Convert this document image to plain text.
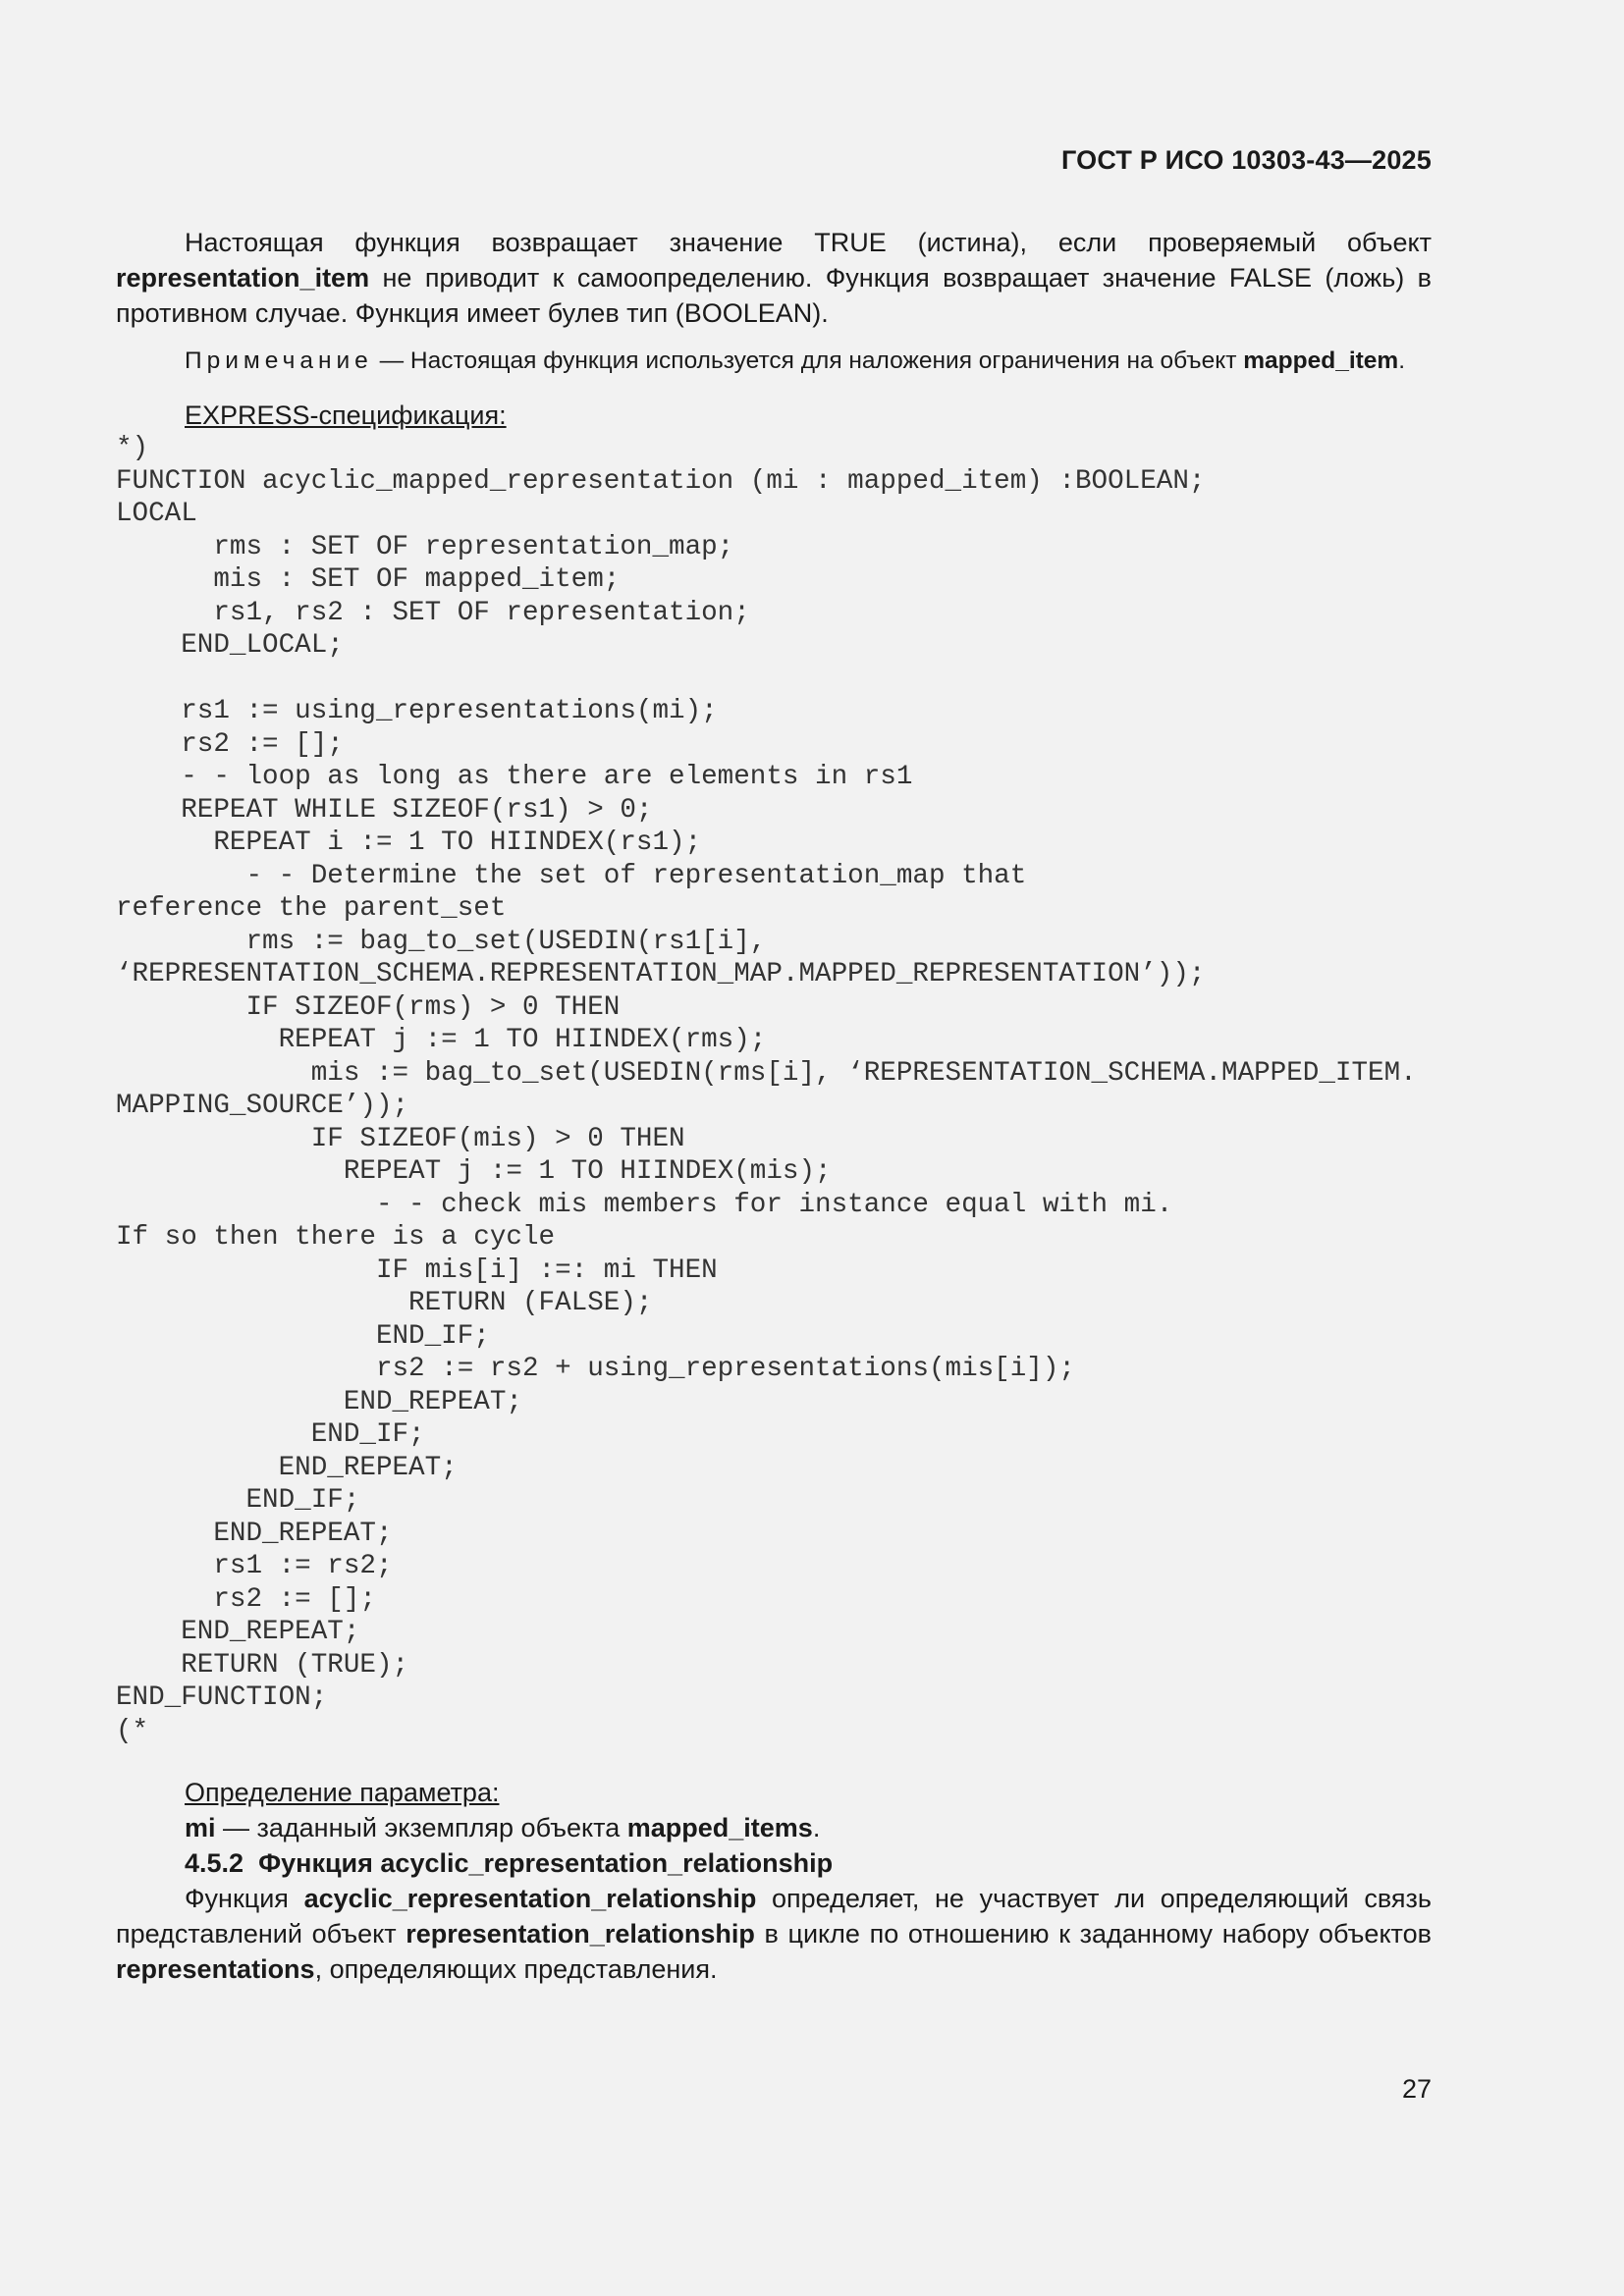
ГОСТ Р ИСО 10303-43—2025
Настоящая функция возвращает значение TRUE (истина), если проверяемый объект representation_item не приводит к самоопределению. Функция возвращает значение FALSE (ложь) в противном случае. Функция имеет булев тип (BOOLEAN).
Примечание — Настоящая функция используется для наложения ограничения на объект mapped_item.
EXPRESS-спецификация:
*)
FUNCTION acyclic_mapped_representation (mi : mapped_item) :BOOLEAN;
LOCAL
rms : SET OF representation_map;
mis : SET OF mapped_item;
rs1, rs2 : SET OF representation;
END_LOCAL;

rs1 := using_representations(mi);
rs2 := [];
- - loop as long as there are elements in rs1
REPEAT WHILE SIZEOF(rs1) > 0;
REPEAT i := 1 TO HIINDEX(rs1);
- - Determine the set of representation_map that
reference the parent_set
rms := bag_to_set(USEDIN(rs1[i],
‘REPRESENTATION_SCHEMA.REPRESENTATION_MAP.MAPPED_REPRESENTATION’));
IF SIZEOF(rms) > 0 THEN
REPEAT j := 1 TO HIINDEX(rms);
mis := bag_to_set(USEDIN(rms[i], ‘REPRESENTATION_SCHEMA.MAPPED_ITEM.
MAPPING_SOURCE’));
IF SIZEOF(mis) > 0 THEN
REPEAT j := 1 TO HIINDEX(mis);
- - check mis members for instance equal with mi.
If so then there is a cycle
IF mis[i] :=: mi THEN
RETURN (FALSE);
END_IF;
rs2 := rs2 + using_representations(mis[i]);
END_REPEAT;
END_IF;
END_REPEAT;
END_IF;
END_REPEAT;
rs1 := rs2;
rs2 := [];
END_REPEAT;
RETURN (TRUE);
END_FUNCTION;
(*
Определение параметра:
mi — заданный экземпляр объекта mapped_items.
4.5.2 Функция acyclic_representation_relationship
Функция acyclic_representation_relationship определяет, не участвует ли определяющий связь представлений объект representation_relationship в цикле по отношению к заданному набору объектов representations, определяющих представления.
27
